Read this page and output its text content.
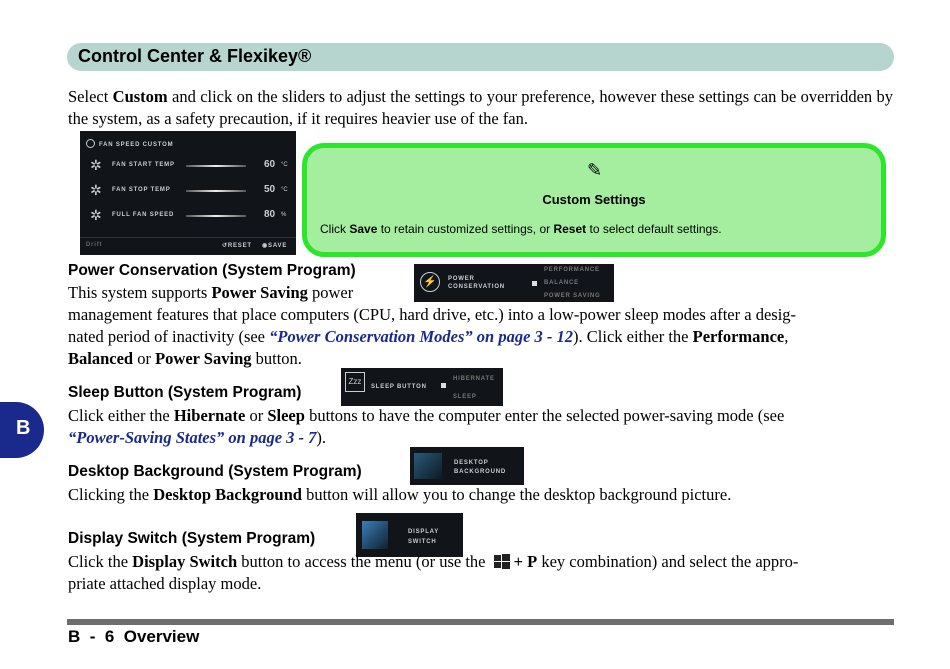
Control Center & Flexikey®
Select Custom and click on the sliders to adjust the settings to your preference, however these settings can be overridden by the system, as a safety precaution, if it requires heavier use of the fan.
FAN SPEED CUSTOM
✲ FAN START TEMP	60 °C
✲ FAN STOP TEMP	50 °C
✲ FULL FAN SPEED	80 %
Drift	↺RESET ◉SAVE
✎
Custom Settings
Click Save to retain customized settings, or Reset to select default settings.
Power Conservation (System Program)
This system supports Power Saving power
⚡	POWER
CONSERVATION
PERFORMANCE
BALANCE
POWER SAVING
management features that place computers (CPU, hard drive, etc.) into a low-power sleep modes after a desig-
nated period of inactivity (see “Power Conservation Modes” on page 3 - 12). Click either the Performance,
Balanced or Power Saving button.
Sleep Button (System Program)
Zzz
SLEEP BUTTON
HIBERNATE
SLEEP
Click either the Hibernate or Sleep buttons to have the computer enter the selected power-saving mode (see
“Power-Saving States” on page 3 - 7).
Desktop Background (System Program)	DESKTOP
BACKGROUND
Clicking the Desktop Background button will allow you to change the desktop background picture.
Display Switch (System Program)	DISPLAY
SWITCH
Click the Display Switch button to access the menu (or use the + P key combination) and select the appro-
priate attached display mode.
B
B  -  6  Overview
